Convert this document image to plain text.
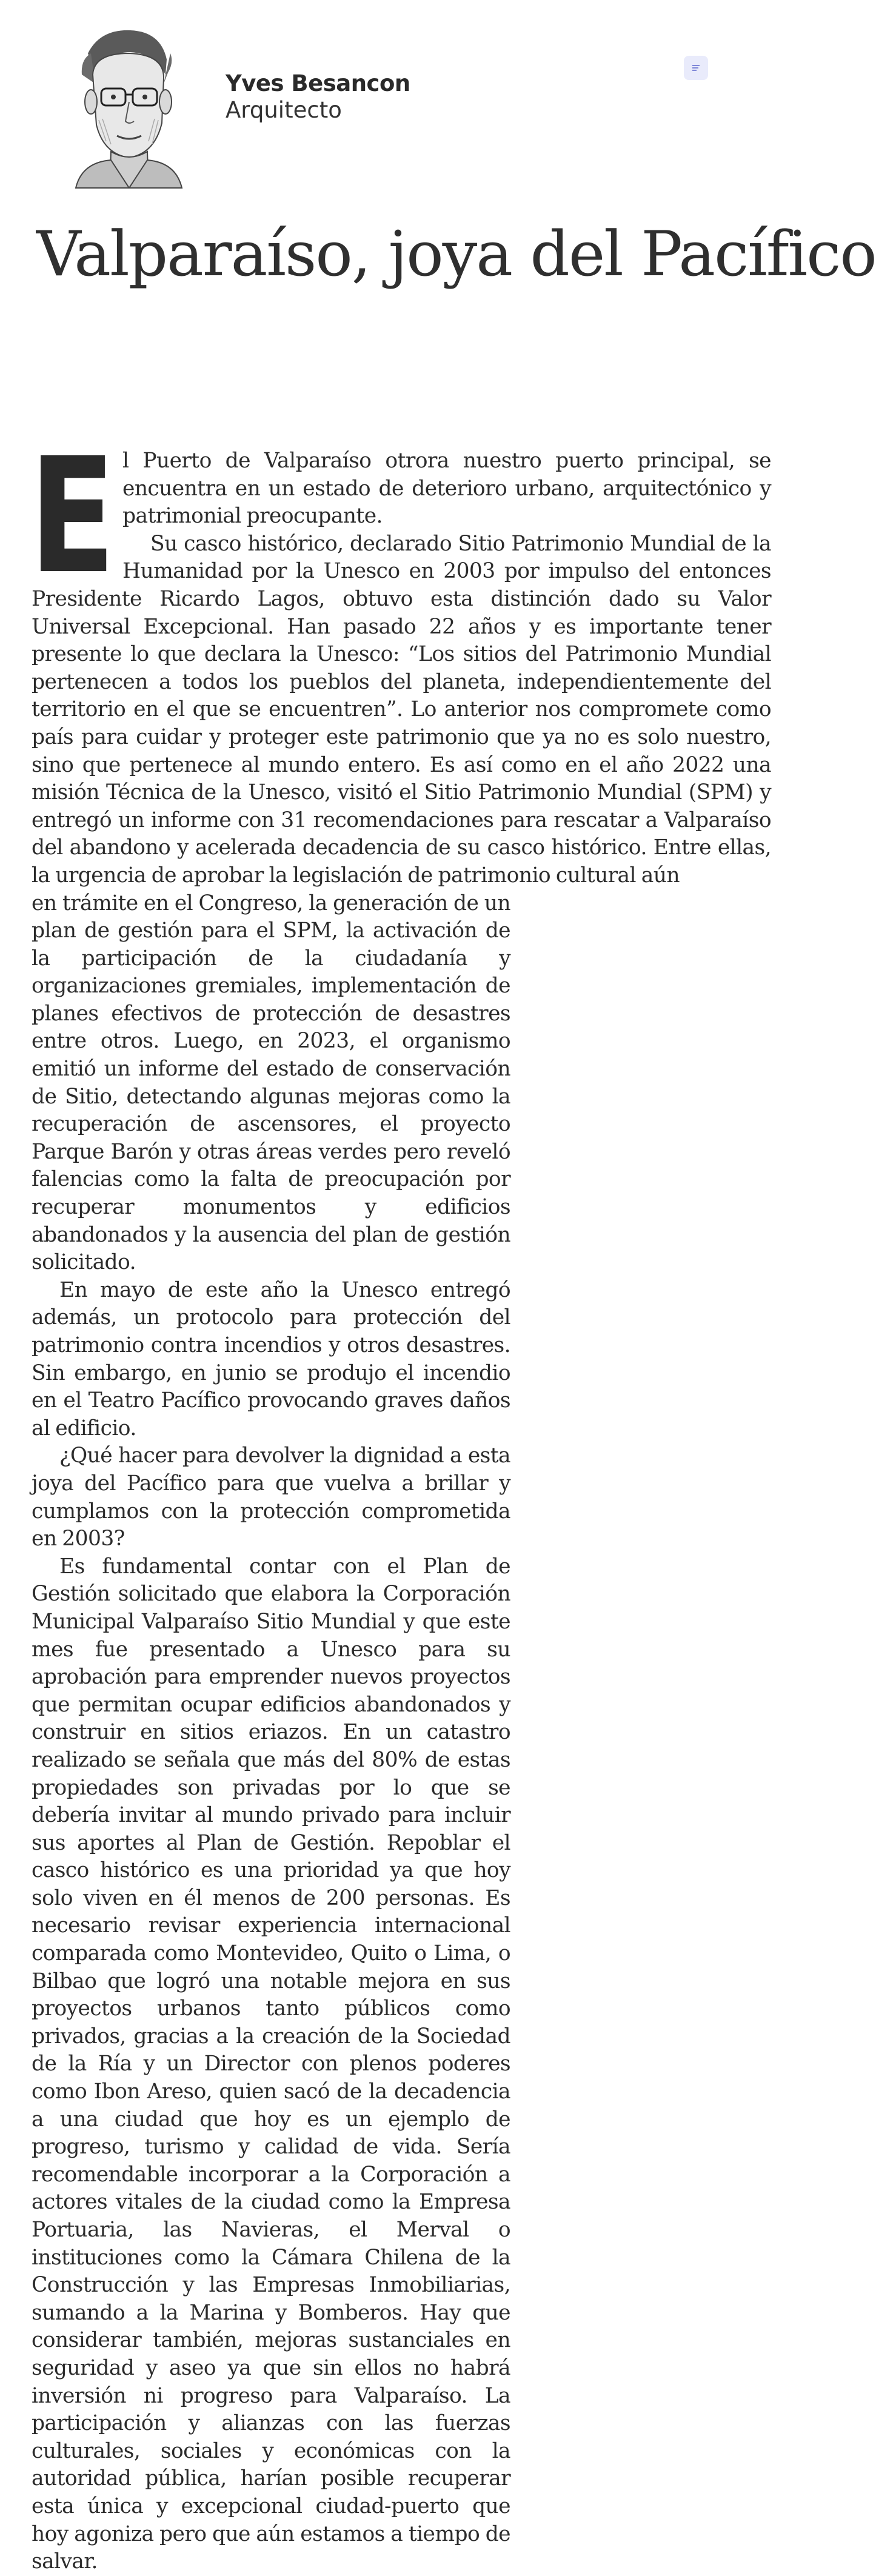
Yves Besancon
Arquitecto
Valparaíso, joya del Pacífico
E l Puerto de Valparaíso otrora nuestro puerto principal, se encuentra en un estado de deterioro urbano, arquitectónico y patrimonial preocupante.

Su casco histórico, declarado Sitio Patrimonio Mundial de la Humanidad por la Unesco en 2003 por impulso del entonces Presidente Ricardo Lagos, obtuvo esta distinción dado su Valor Universal Excepcional. Han pasado 22 años y es importante tener presente lo que declara la Unesco: “Los sitios del Patrimonio Mundial pertenecen a todos los pueblos del planeta, independientemente del territorio en el que se encuentren”. Lo anterior nos compromete como país para cuidar y proteger este patrimonio que ya no es solo nuestro, sino que pertenece al mundo entero. Es así como en el año 2022 una misión Técnica de la Unesco, visitó el Sitio Patrimonio Mundial (SPM) y entregó un informe con 31 recomendaciones para rescatar a Valparaíso del abandono y acelerada decadencia de su casco histórico. Entre ellas, la urgencia de aprobar la legislación de patrimonio cultural aún

en trámite en el Congreso, la generación de un plan de gestión para el SPM, la activación de la participación de la ciudadanía y organizaciones gremiales, implementación de planes efectivos de protección de desastres entre otros. Luego, en 2023, el organismo emitió un informe del estado de conservación de Sitio, detectando algunas mejoras como la recuperación de ascensores, el proyecto Parque Barón y otras áreas verdes pero reveló falencias como la falta de preocupación por recuperar monumentos y edificios abandonados y la ausencia del plan de gestión solicitado.

En mayo de este año la Unesco entregó además, un protocolo para protección del patrimonio contra incendios y otros desastres. Sin embargo, en junio se produjo el incendio en el Teatro Pacífico provocando graves daños al edificio.

¿Qué hacer para devolver la dignidad a esta joya del Pacífico para que vuelva a brillar y cumplamos con la protección comprometida en 2003?

Es fundamental contar con el Plan de Gestión solicitado que elabora la Corporación Municipal Valparaíso Sitio Mundial y que este mes fue presentado a Unesco para su aprobación para emprender nuevos proyectos que permitan ocupar edificios abandonados y construir en sitios eriazos. En un catastro realizado se señala que más del 80% de estas propiedades son privadas por lo que se debería invitar al mundo privado para incluir sus aportes al Plan de Gestión. Repoblar el casco histórico es una prioridad ya que hoy solo viven en él menos de 200 personas. Es necesario revisar experiencia internacional comparada como Montevideo, Quito o Lima, o Bilbao que logró una notable mejora en sus proyectos urbanos tanto públicos como privados, gracias a la creación de la Sociedad de la Ría y un Director con plenos poderes como Ibon Areso, quien sacó de la decadencia a una ciudad que hoy es un ejemplo de progreso, turismo y calidad de vida. Sería recomendable incorporar a la Corporación a actores vitales de la ciudad como la Empresa Portuaria, las Navieras, el Merval o instituciones como la Cámara Chilena de la Construcción y las Empresas Inmobiliarias, sumando a la Marina y Bomberos. Hay que considerar también, mejoras sustanciales en seguridad y aseo ya que sin ellos no habrá inversión ni progreso para Valparaíso. La participación y alianzas con las fuerzas culturales, sociales y económicas con la autoridad pública, harían posible recuperar esta única y excepcional ciudad-puerto que hoy agoniza pero que aún estamos a tiempo de salvar.
